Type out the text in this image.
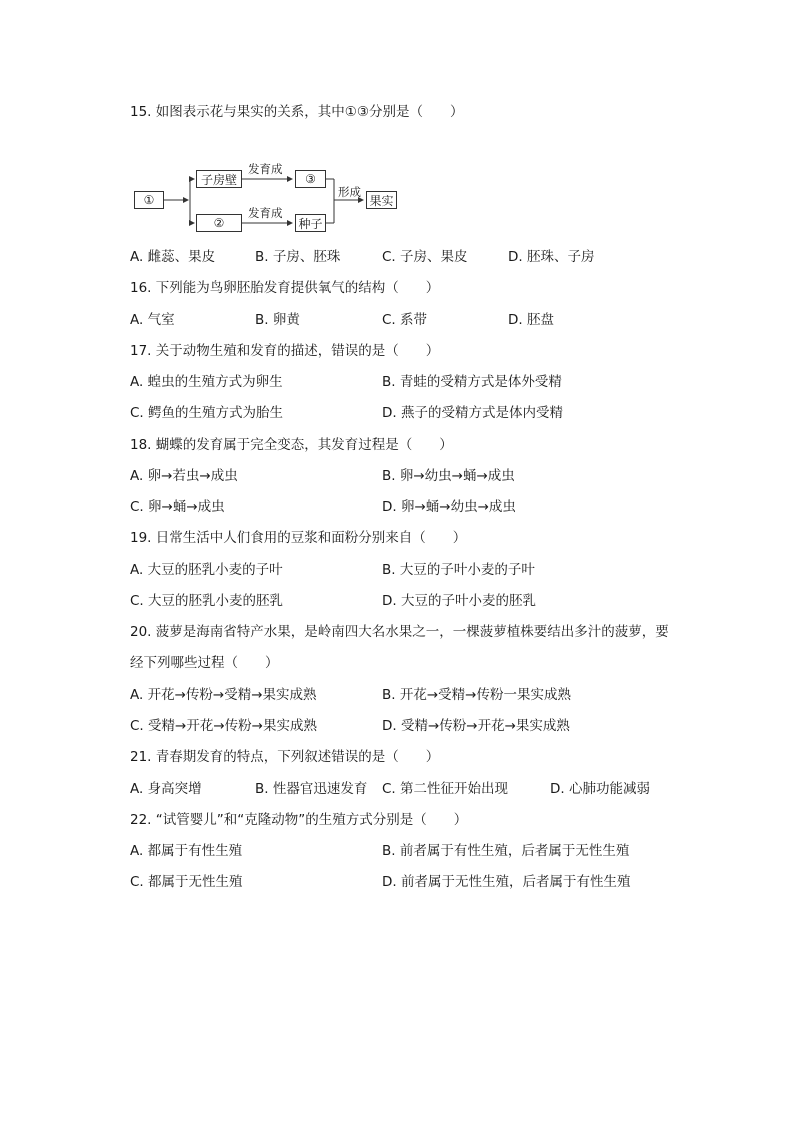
15. 如图表示花与果实的关系，其中①③分别是（　　）
①
子房壁
②
③
种子
果实
发育成
发育成
形成
A. 雌蕊、果皮	B. 子房、胚珠	C. 子房、果皮	D. 胚珠、子房
16. 下列能为鸟卵胚胎发育提供氧气的结构（　　）
A. 气室	B. 卵黄	C. 系带	D. 胚盘
17. 关于动物生殖和发育的描述，错误的是（　　）
A. 蝗虫的生殖方式为卵生	B. 青蛙的受精方式是体外受精
C. 鳄鱼的生殖方式为胎生	D. 燕子的受精方式是体内受精
18. 蝴蝶的发育属于完全变态，其发育过程是（　　）
A. 卵→若虫→成虫	B. 卵→幼虫→蛹→成虫
C. 卵→蛹→成虫	D. 卵→蛹→幼虫→成虫
19. 日常生活中人们食用的豆浆和面粉分别来自（　　）
A. 大豆的胚乳小麦的子叶	B. 大豆的子叶小麦的子叶
C. 大豆的胚乳小麦的胚乳	D. 大豆的子叶小麦的胚乳
20. 菠萝是海南省特产水果，是岭南四大名水果之一，一棵菠萝植株要结出多汁的菠萝，要
经下列哪些过程（　　）
A. 开花→传粉→受精→果实成熟	B. 开花→受精→传粉一果实成熟
C. 受精→开花→传粉→果实成熟	D. 受精→传粉→开花→果实成熟
21. 青春期发育的特点，下列叙述错误的是（　　）
A. 身高突增	B. 性器官迅速发育 C. 第二性征开始出现	D. 心肺功能减弱
22. “试管婴儿”和“克隆动物”的生殖方式分别是（　　）
A. 都属于有性生殖	B. 前者属于有性生殖，后者属于无性生殖
C. 都属于无性生殖	D. 前者属于无性生殖，后者属于有性生殖
